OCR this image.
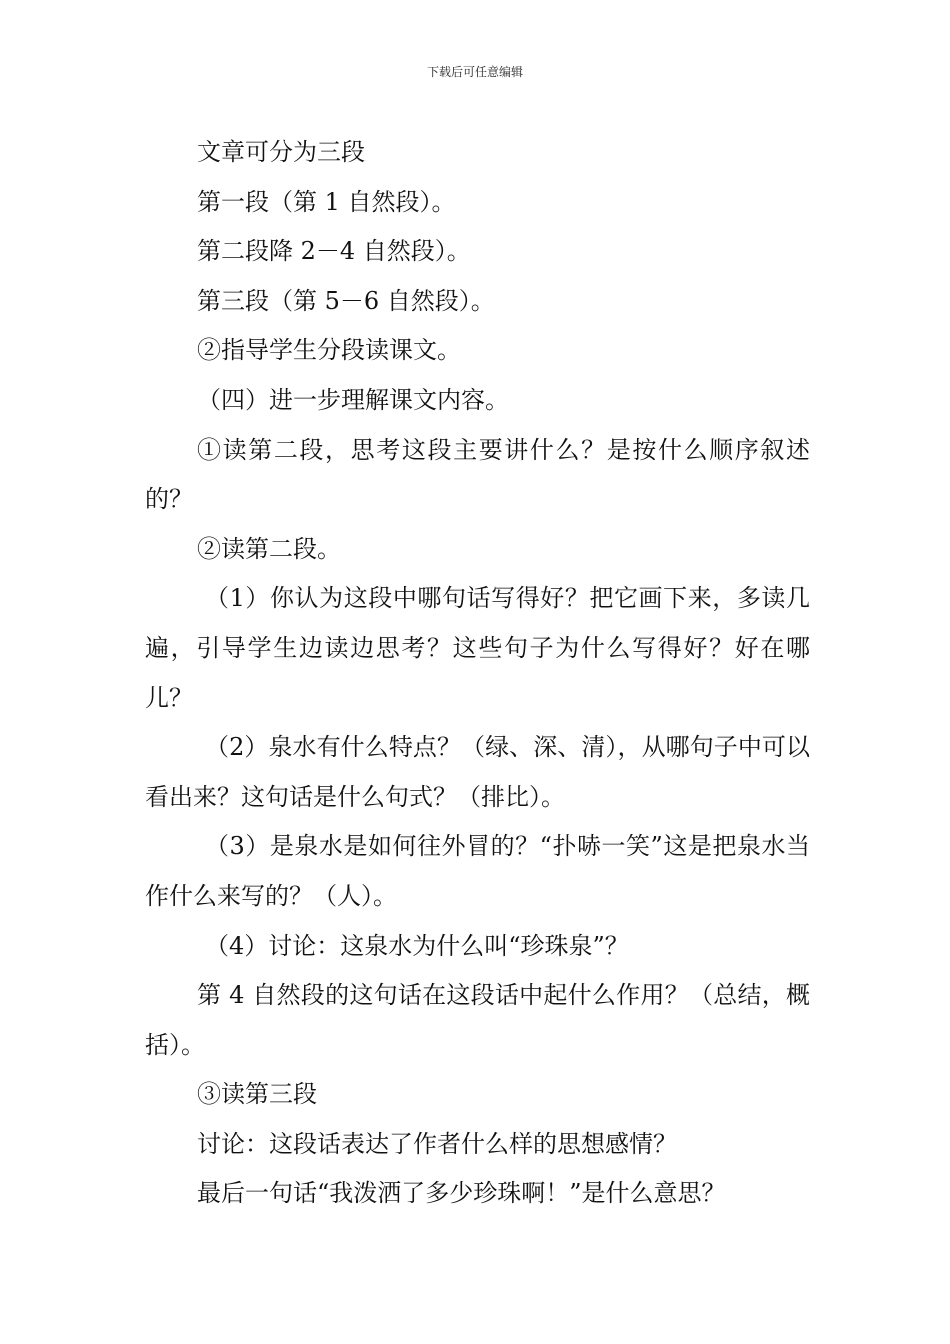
下载后可任意编辑

文章可分为三段

第一段（第 1 自然段）。

第二段降 2－4 自然段）。

第三段（第 5－6 自然段）。

②指导学生分段读课文。

（四）进一步理解课文内容。

①读第二段，思考这段主要讲什么？是按什么顺序叙述的？

②读第二段。

（1）你认为这段中哪句话写得好？把它画下来，多读几遍，引导学生边读边思考？这些句子为什么写得好？好在哪儿？

（2）泉水有什么特点？（绿、深、清），从哪句子中可以看出来？这句话是什么句式？（排比）。

（3）是泉水是如何往外冒的？“扑哧一笑”这是把泉水当作什么来写的？（人）。

（4）讨论：这泉水为什么叫“珍珠泉”？

第 4 自然段的这句话在这段话中起什么作用？（总结，概括）。

③读第三段

讨论：这段话表达了作者什么样的思想感情？

最后一句话“我泼洒了多少珍珠啊！”是什么意思？
